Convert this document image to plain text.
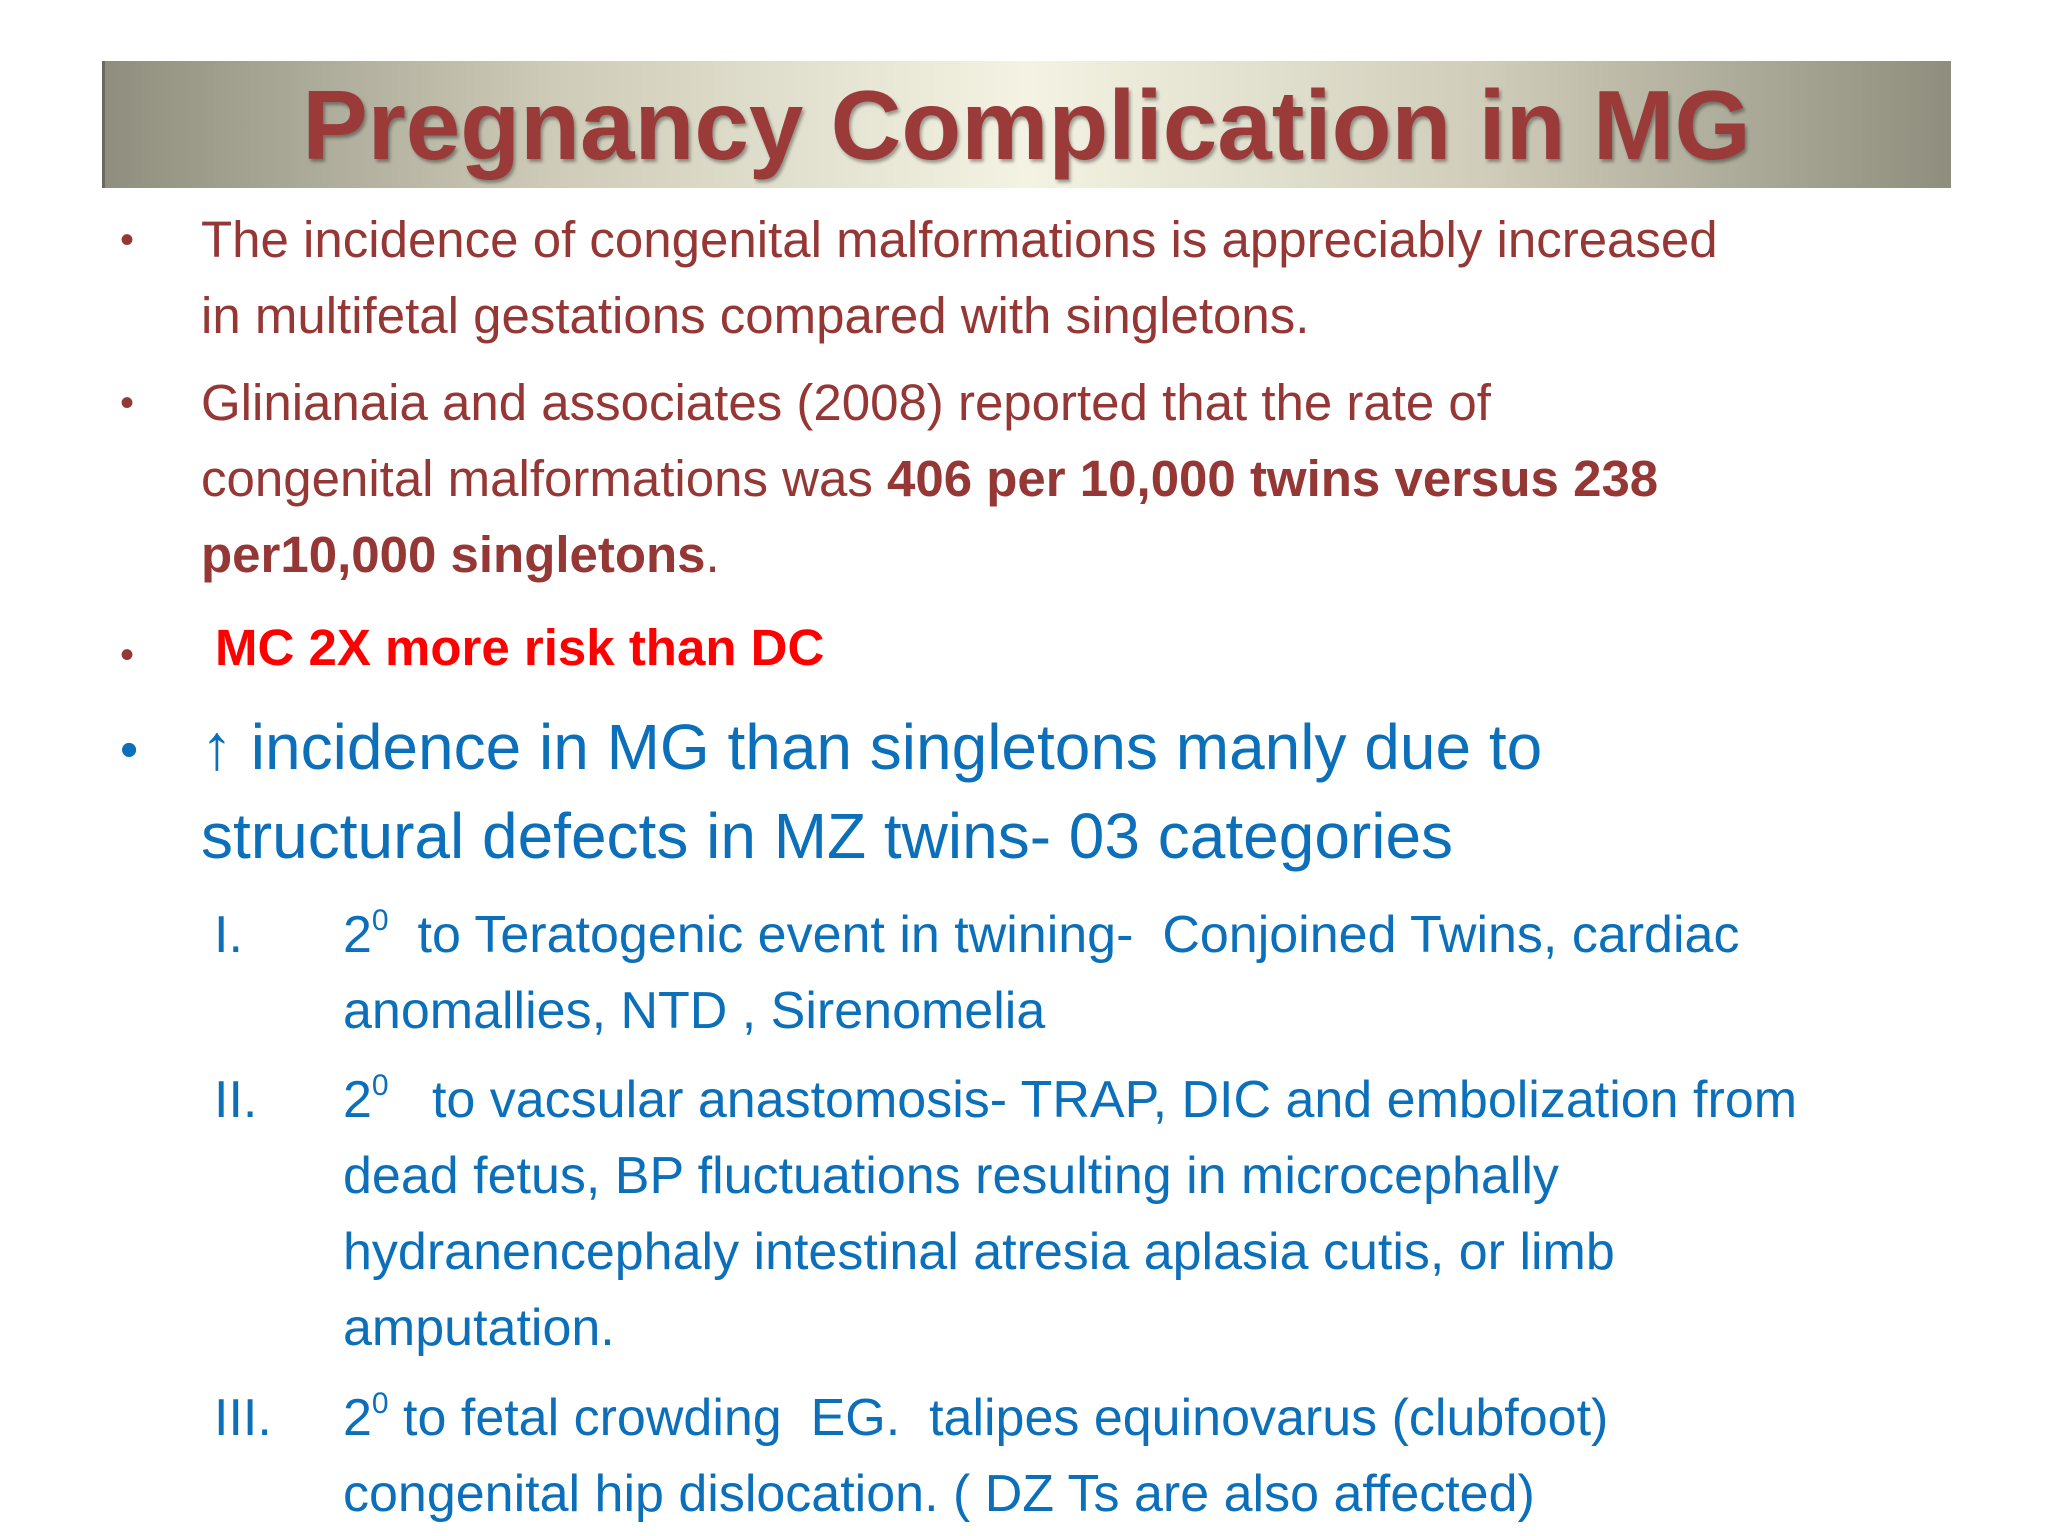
Pregnancy Complication in MG
•	The incidence of congenital malformations is appreciably increased
in multifetal gestations compared with singletons.
•	Glinianaia and associates (2008) reported that the rate of
congenital malformations was 406 per 10,000 twins versus 238
per10,000 singletons.
•	MC 2X more risk than DC
• ↑ incidence in MG than singletons manly due to
structural defects in MZ twins- 03 categories
I. $2^0$  to Teratogenic event in twining-  Conjoined Twins, cardiac
anomallies, NTD , Sirenomelia
II. $2^0$   to vacsular anastomosis- TRAP, DIC and embolization from
dead fetus, BP fluctuations resulting in microcephally
hydranencephaly intestinal atresia aplasia cutis, or limb
amputation.
III. $2^0$ to fetal crowding  EG.  talipes equinovarus (clubfoot)
congenital hip dislocation. ( DZ Ts are also affected)
